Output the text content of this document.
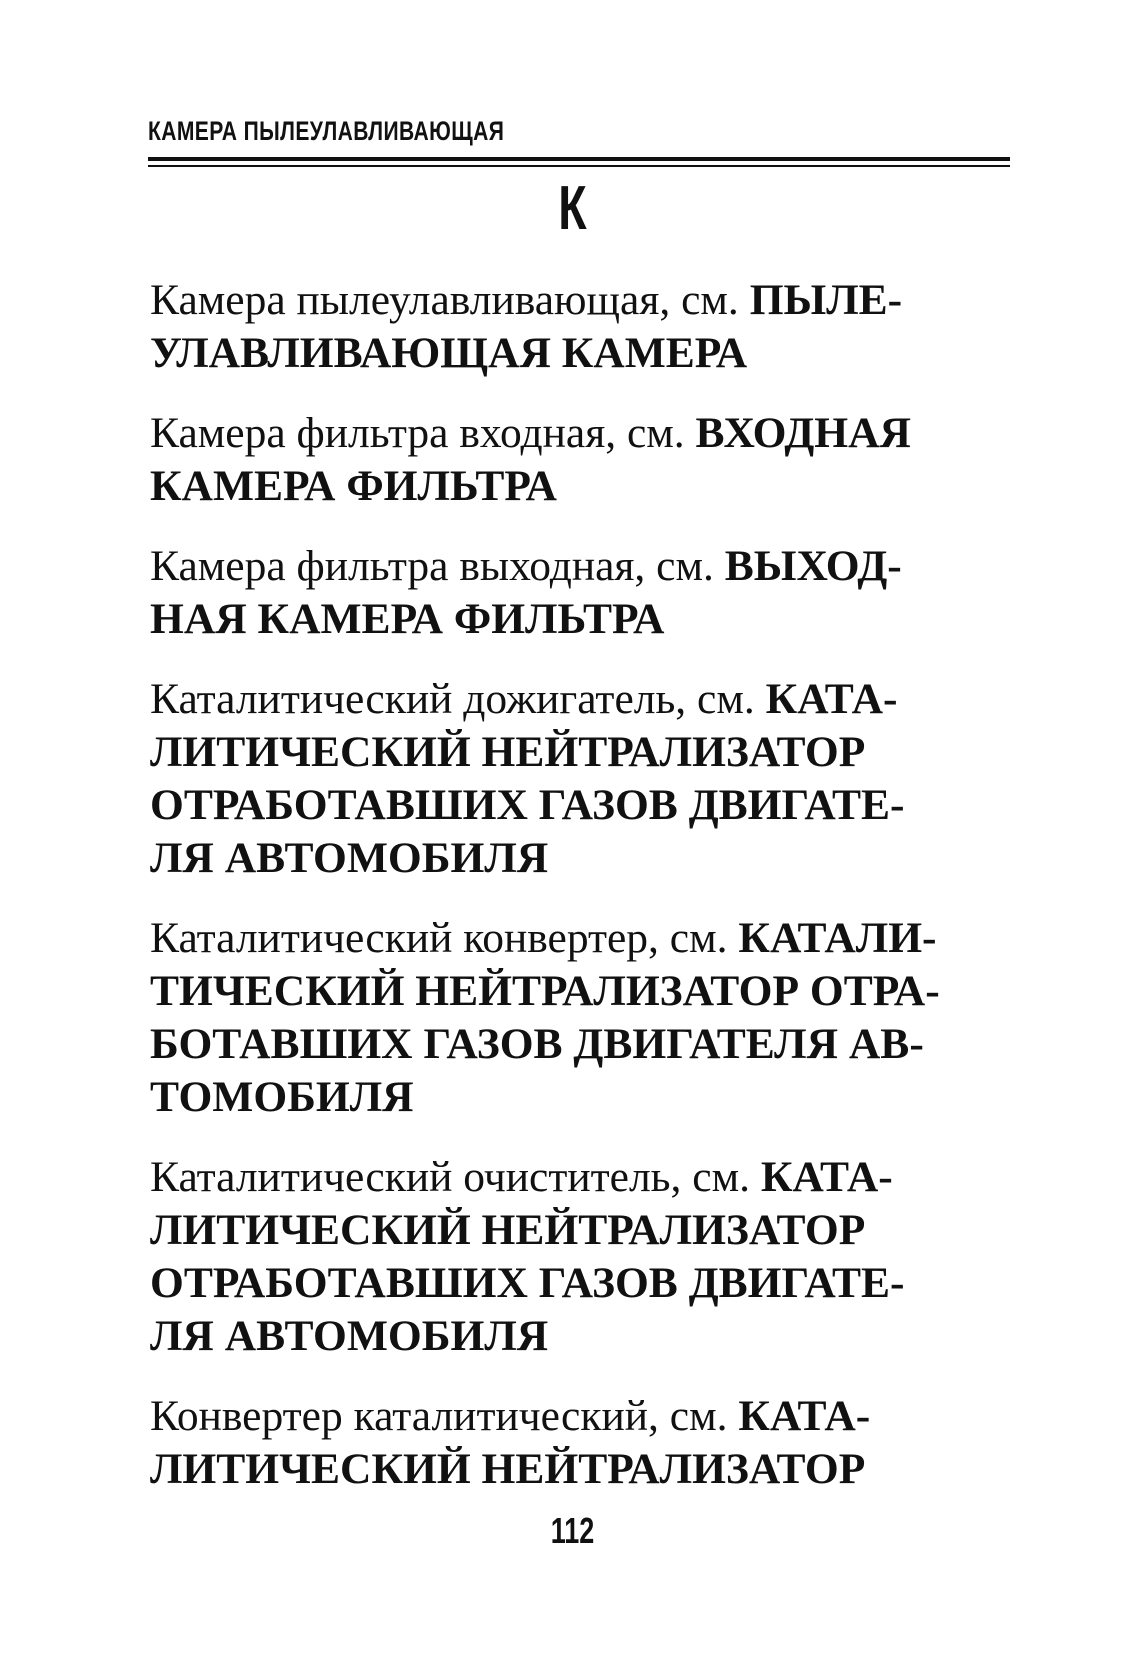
КАМЕРА ПЫЛЕУЛАВЛИВАЮЩАЯ
К

Камера пылеулавливающая, см. ПЫЛЕ-
УЛАВЛИВАЮЩАЯ КАМЕРА

Камера фильтра входная, см. ВХОДНАЯ
КАМЕРА ФИЛЬТРА

Камера фильтра выходная, см. ВЫХОД-
НАЯ КАМЕРА ФИЛЬТРА

Каталитический дожигатель, см. КАТА-
ЛИТИЧЕСКИЙ НЕЙТРАЛИЗАТОР
ОТРАБОТАВШИХ ГАЗОВ ДВИГАТЕ-
ЛЯ АВТОМОБИЛЯ

Каталитический конвертер, см. КАТАЛИ-
ТИЧЕСКИЙ НЕЙТРАЛИЗАТОР ОТРА-
БОТАВШИХ ГАЗОВ ДВИГАТЕЛЯ АВ-
ТОМОБИЛЯ

Каталитический очиститель, см. КАТА-
ЛИТИЧЕСКИЙ НЕЙТРАЛИЗАТОР
ОТРАБОТАВШИХ ГАЗОВ ДВИГАТЕ-
ЛЯ АВТОМОБИЛЯ

Конвертер каталитический, см. КАТА-
ЛИТИЧЕСКИЙ НЕЙТРАЛИЗАТОР

112
